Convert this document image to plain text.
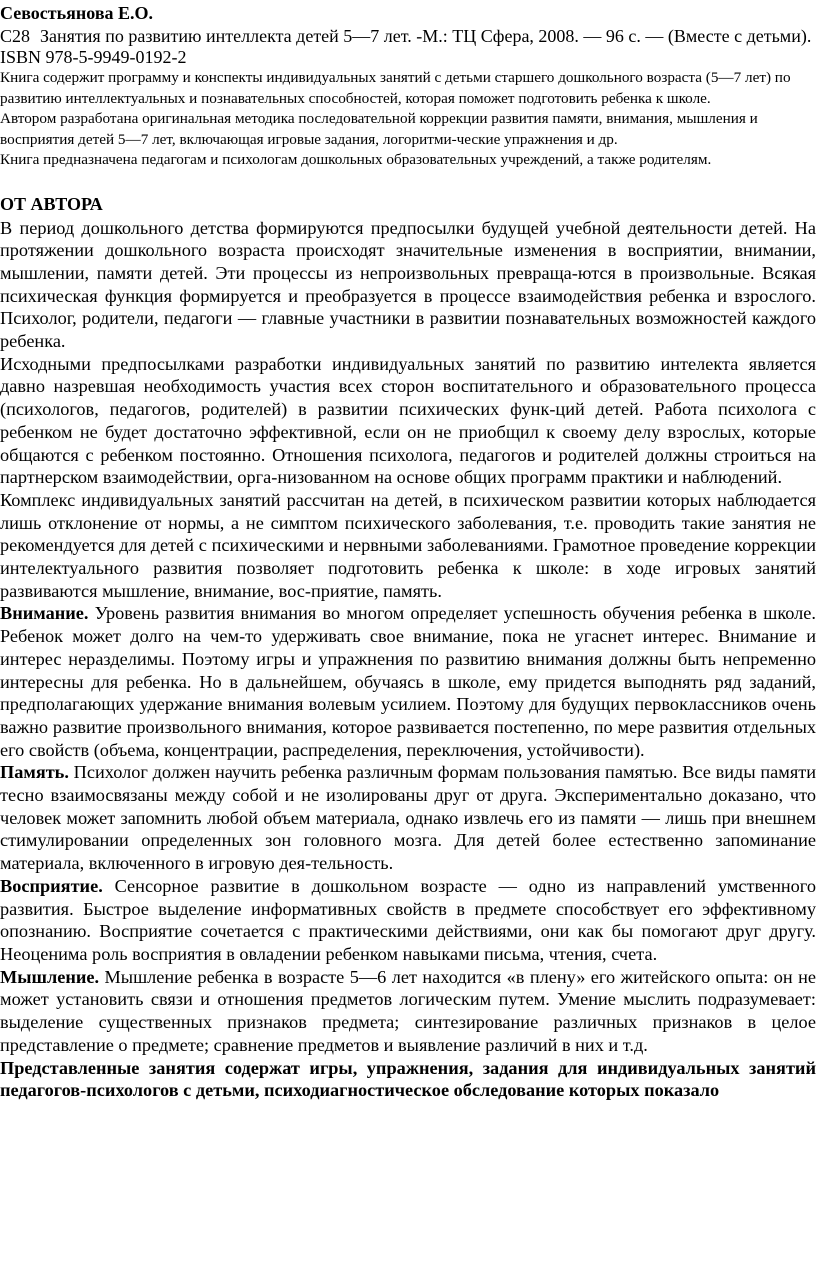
Севостьянова Е.О.

С28 Занятия по развитию интеллекта детей 5—7 лет. -М.: ТЦ Сфера, 2008. — 96 с. — (Вместе с детьми). ISBN 978-5-9949-0192-2

Книга содержит программу и конспекты индивидуальных занятий с детьми старшего дошкольного возраста (5—7 лет) по развитию интеллектуальных и познавательных способностей, которая поможет подготовить ребенка к школе.

Автором разработана оригинальная методика последовательной коррекции развития памяти, внимания, мышления и восприятия детей 5—7 лет, включающая игровые задания, логоритми-ческие упражнения и др.

Книга предназначена педагогам и психологам дошкольных образовательных учреждений, а также родителям.

ОТ АВТОРА

В период дошкольного детства формируются предпосылки будущей учебной деятельности детей. На протяжении дошкольного возраста происходят значительные изменения в восприятии, внимании, мышлении, памяти детей. Эти процессы из непроизвольных превраща-ются в произвольные. Всякая психическая функция формируется и преобразуется в процессе взаимодействия ребенка и взрослого. Психолог, родители, педагоги — главные участники в развитии познавательных возможностей каждого ребенка.

Исходными предпосылками разработки индивидуальных занятий по развитию интелекта является давно назревшая необходимость участия всех сторон воспитательного и образовательного процесса (психологов, педагогов, родителей) в развитии психических функ-ций детей. Работа психолога с ребенком не будет достаточно эффективной, если он не приобщил к своему делу взрослых, которые общаются с ребенком постоянно. Отношения психолога, педагогов и родителей должны строиться на партнерском взаимодействии, орга-низованном на основе общих программ практики и наблюдений.

Комплекс индивидуальных занятий рассчитан на детей, в психическом развитии которых наблюдается лишь отклонение от нормы, а не симптом психического заболевания, т.е. проводить такие занятия не рекомендуется для детей с психическими и нервными заболеваниями. Грамотное проведение коррекции интелектуального развития позволяет подготовить ребенка к школе: в ходе игровых занятий развиваются мышление, внимание, вос-приятие, память.

Внимание. Уровень развития внимания во многом определяет успешность обучения ребенка в школе. Ребенок может долго на чем-то удерживать свое внимание, пока не угаснет интерес. Внимание и интерес неразделимы. Поэтому игры и упражнения по развитию внимания должны быть непременно интересны для ребенка. Но в дальнейшем, обучаясь в школе, ему придется выподнять ряд заданий, предполагающих удержание внимания волевым усилием. Поэтому для будущих первоклассников очень важно развитие произвольного внимания, которое развивается постепенно, по мере развития отдельных его свойств (объема, концентрации, распределения, переключения, устойчивости).

Память. Психолог должен научить ребенка различным формам пользования памятью. Все виды памяти тесно взаимосвязаны между собой и не изолированы друг от друга. Экспериментально доказано, что человек может запомнить любой объем материала, однако извлечь его из памяти — лишь при внешнем стимулировании определенных зон головного мозга. Для детей более естественно запоминание материала, включенного в игровую дея-тельность.

Восприятие. Сенсорное развитие в дошкольном возрасте — одно из направлений умственного развития. Быстрое выделение информативных свойств в предмете способствует его эффективному опознанию. Восприятие сочетается с практическими действиями, они как бы помогают друг другу. Неоценима роль восприятия в овладении ребенком навыками письма, чтения, счета.

Мышление. Мышление ребенка в возрасте 5—6 лет находится «в плену» его житейского опыта: он не может установить связи и отношения предметов логическим путем. Умение мыслить подразумевает: выделение существенных признаков предмета; синтезирование различных признаков в целое представление о предмете; сравнение предметов и выявление различий в них и т.д.

Представленные занятия содержат игры, упражнения, задания для индивидуальных занятий педагогов-психологов с детьми, психодиагностическое обследование которых показало
